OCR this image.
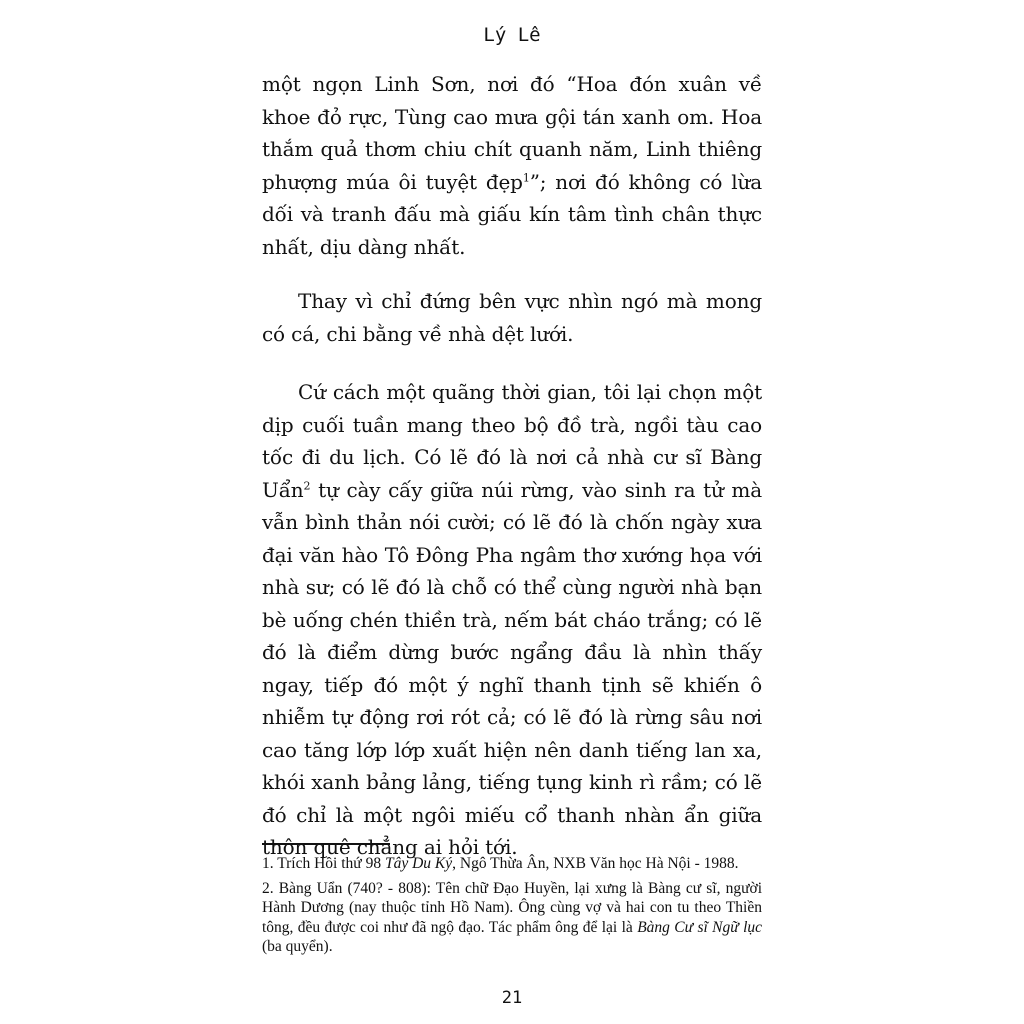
Lý Lê

một ngọn Linh Sơn, nơi đó “Hoa đón xuân về khoe đỏ rực, Tùng cao mưa gội tán xanh om. Hoa thắm quả thơm chiu chít quanh năm, Linh thiêng phượng múa ôi tuyệt đẹp$^1$”; nơi đó không có lừa dối và tranh đấu mà giấu kín tâm tình chân thực nhất, dịu dàng nhất.

Thay vì chỉ đứng bên vực nhìn ngó mà mong có cá, chi bằng về nhà dệt lưới.

Cứ cách một quãng thời gian, tôi lại chọn một dịp cuối tuần mang theo bộ đồ trà, ngồi tàu cao tốc đi du lịch. Có lẽ đó là nơi cả nhà cư sĩ Bàng Uẩn$^2$ tự cày cấy giữa núi rừng, vào sinh ra tử mà vẫn bình thản nói cười; có lẽ đó là chốn ngày xưa đại văn hào Tô Đông Pha ngâm thơ xướng họa với nhà sư; có lẽ đó là chỗ có thể cùng người nhà bạn bè uống chén thiền trà, nếm bát cháo trắng; có lẽ đó là điểm dừng bước ngẩng đầu là nhìn thấy ngay, tiếp đó một ý nghĩ thanh tịnh sẽ khiến ô nhiễm tự động rơi rót cả; có lẽ đó là rừng sâu nơi cao tăng lớp lớp xuất hiện nên danh tiếng lan xa, khói xanh bảng lảng, tiếng tụng kinh rì rầm; có lẽ đó chỉ là một ngôi miếu cổ thanh nhàn ẩn giữa thôn quê chẳng ai hỏi tới.

1. Trích Hồi thứ 98 Tây Du Ký, Ngô Thừa Ân, NXB Văn học Hà Nội - 1988.

2. Bàng Uẩn (740? - 808): Tên chữ Đạo Huyền, lại xưng là Bàng cư sĩ, người Hành Dương (nay thuộc tỉnh Hồ Nam). Ông cùng vợ và hai con tu theo Thiền tông, đều được coi như đã ngộ đạo. Tác phẩm ông để lại là Bàng Cư sĩ Ngữ lục (ba quyển).

21
